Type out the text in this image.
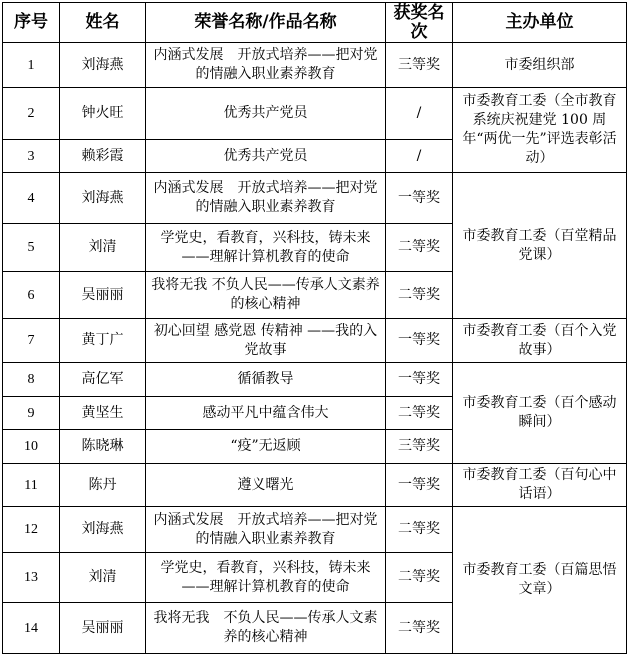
序号	姓名	荣誉名称/作品名称	获奖名次	主办单位
1	刘海燕	内涵式发展　开放式培养——把对党的情融入职业素养教育	三等奖	市委组织部
2	钟火旺	优秀共产党员	/	市委教育工委（全市教育系统庆祝建党 100 周年“两优一先”评选表彰活动）
3	赖彩霞	优秀共产党员	/	
4	刘海燕	内涵式发展　开放式培养——把对党的情融入职业素养教育	一等奖	市委教育工委（百堂精品党课）
5	刘清	学党史，看教育，兴科技，铸未来——理解计算机教育的使命	二等奖	
6	吴丽丽	我将无我 不负人民——传承人文素养的核心精神	二等奖	
7	黄丁广	初心回望 感党恩 传精神 ——我的入党故事	一等奖	市委教育工委（百个入党故事）
8	高亿军	循循教导	一等奖	市委教育工委（百个感动瞬间）
9	黄坚生	感动平凡中蕴含伟大	二等奖	
10	陈晓琳	“疫”无返顾	三等奖	
11	陈丹	遵义曙光	一等奖	市委教育工委（百句心中话语）
12	刘海燕	内涵式发展　开放式培养——把对党的情融入职业素养教育	二等奖	市委教育工委（百篇思悟文章）
13	刘清	学党史，看教育，兴科技，铸未来——理解计算机教育的使命	二等奖	
14	吴丽丽	我将无我　不负人民——传承人文素养的核心精神	二等奖	
